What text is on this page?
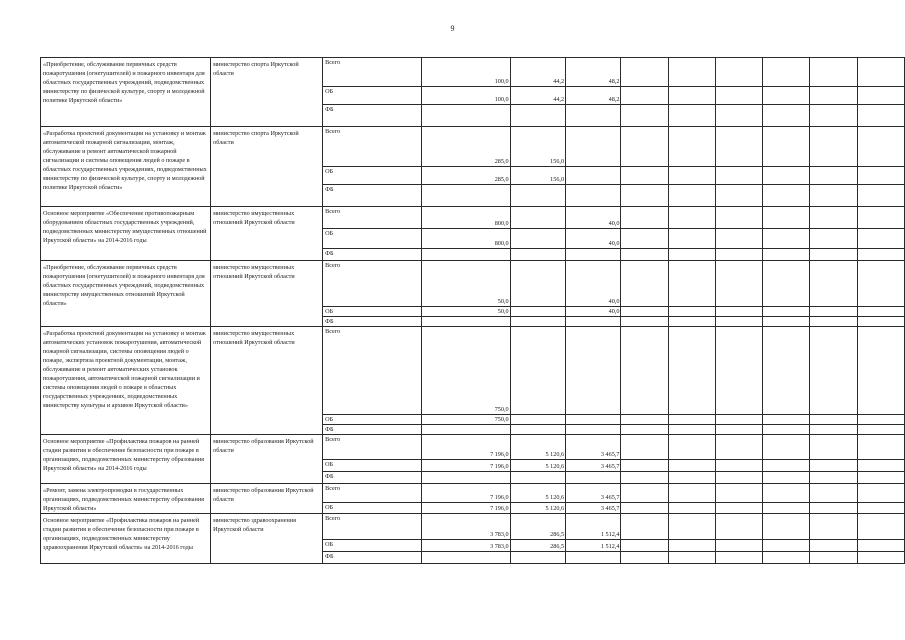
9
«Приобретение, обслуживание первичных средств пожаротушения (огнетушителей) и пожарного инвентаря для областных государственных учреждений, подведомственных министерству по физической культуре, спорту и молодежной политике Иркутской области»	министерство спорта Иркутской области	Всего	100,0	44,2	48,2						
		ОБ	100,0	44,2	48,2						
		ФБ									
«Разработка проектной документации на установку и монтаж автоматической пожарной сигнализации, монтаж, обслуживание и ремонт автоматической пожарной сигнализации и системы оповещения людей о пожаре в областных государственных учреждениях, подведомственных министерству по физической культуре, спорту и молодежной политике Иркутской области»	министерство спорта Иркутской области	Всего	285,0	156,0							
		ОБ	285,0	156,0							
		ФБ									
Основное мероприятие «Обеспечение противопожарным оборудованием областных государственных учреждений, подведомственных министерству имущественных отношений Иркутской области» на 2014-2016 годы	министерство имущественных отношений Иркутской области	Всего	800,0		40,0						
		ОБ	800,0		40,0						
		ФБ									
«Приобретение, обслуживание первичных средств пожаротушения (огнетушителей) и пожарного инвентаря для областных государственных учреждений, подведомственных министерству имущественных отношений Иркутской области»	министерство имущественных отношений Иркутской области	Всего	50,0		40,0						
		ОБ	50,0		40,0						
		ФБ									
«Разработка проектной документации на установку и монтаж автоматических установок пожаротушения, автоматической пожарной сигнализации, системы оповещения людей о пожаре, экспертиза проектной документации, монтаж, обслуживание и ремонт автоматических установок пожаротушения, автоматической пожарной сигнализации и системы оповещения людей о пожаре в областных государственных учреждениях, подведомственных министерству культуры и архивов Иркутской области»	министерство имущественных отношений Иркутской области	Всего	750,0								
		ОБ	750,0								
		ФБ									
Основное мероприятие «Профилактика пожаров на ранней стадии развития и обеспечение безопасности при пожаре в организациях, подведомственных министерству образования Иркутской области» на 2014-2016 годы	министерство образования Иркутской области	Всего	7 196,0	5 120,6	3 465,7						
		ОБ	7 196,0	5 120,6	3 465,7						
		ФБ									
«Ремонт, замена электропроводки в государственных организациях, подведомственных министерству образования Иркутской области»	министерство образования Иркутской области	Всего	7 196,0	5 120,6	3 465,7						
		ОБ	7 196,0	5 120,6	3 465,7						
Основное мероприятие «Профилактика пожаров на ранней стадии развития и обеспечение безопасности при пожаре в организациях, подведомственных министерству здравоохранения Иркутской области» на 2014-2016 годы	министерство здравоохранения Иркутской области	Всего	3 783,0	286,5	1 512,4						
		ОБ	3 783,0	286,5	1 512,4						
		ФБ									
